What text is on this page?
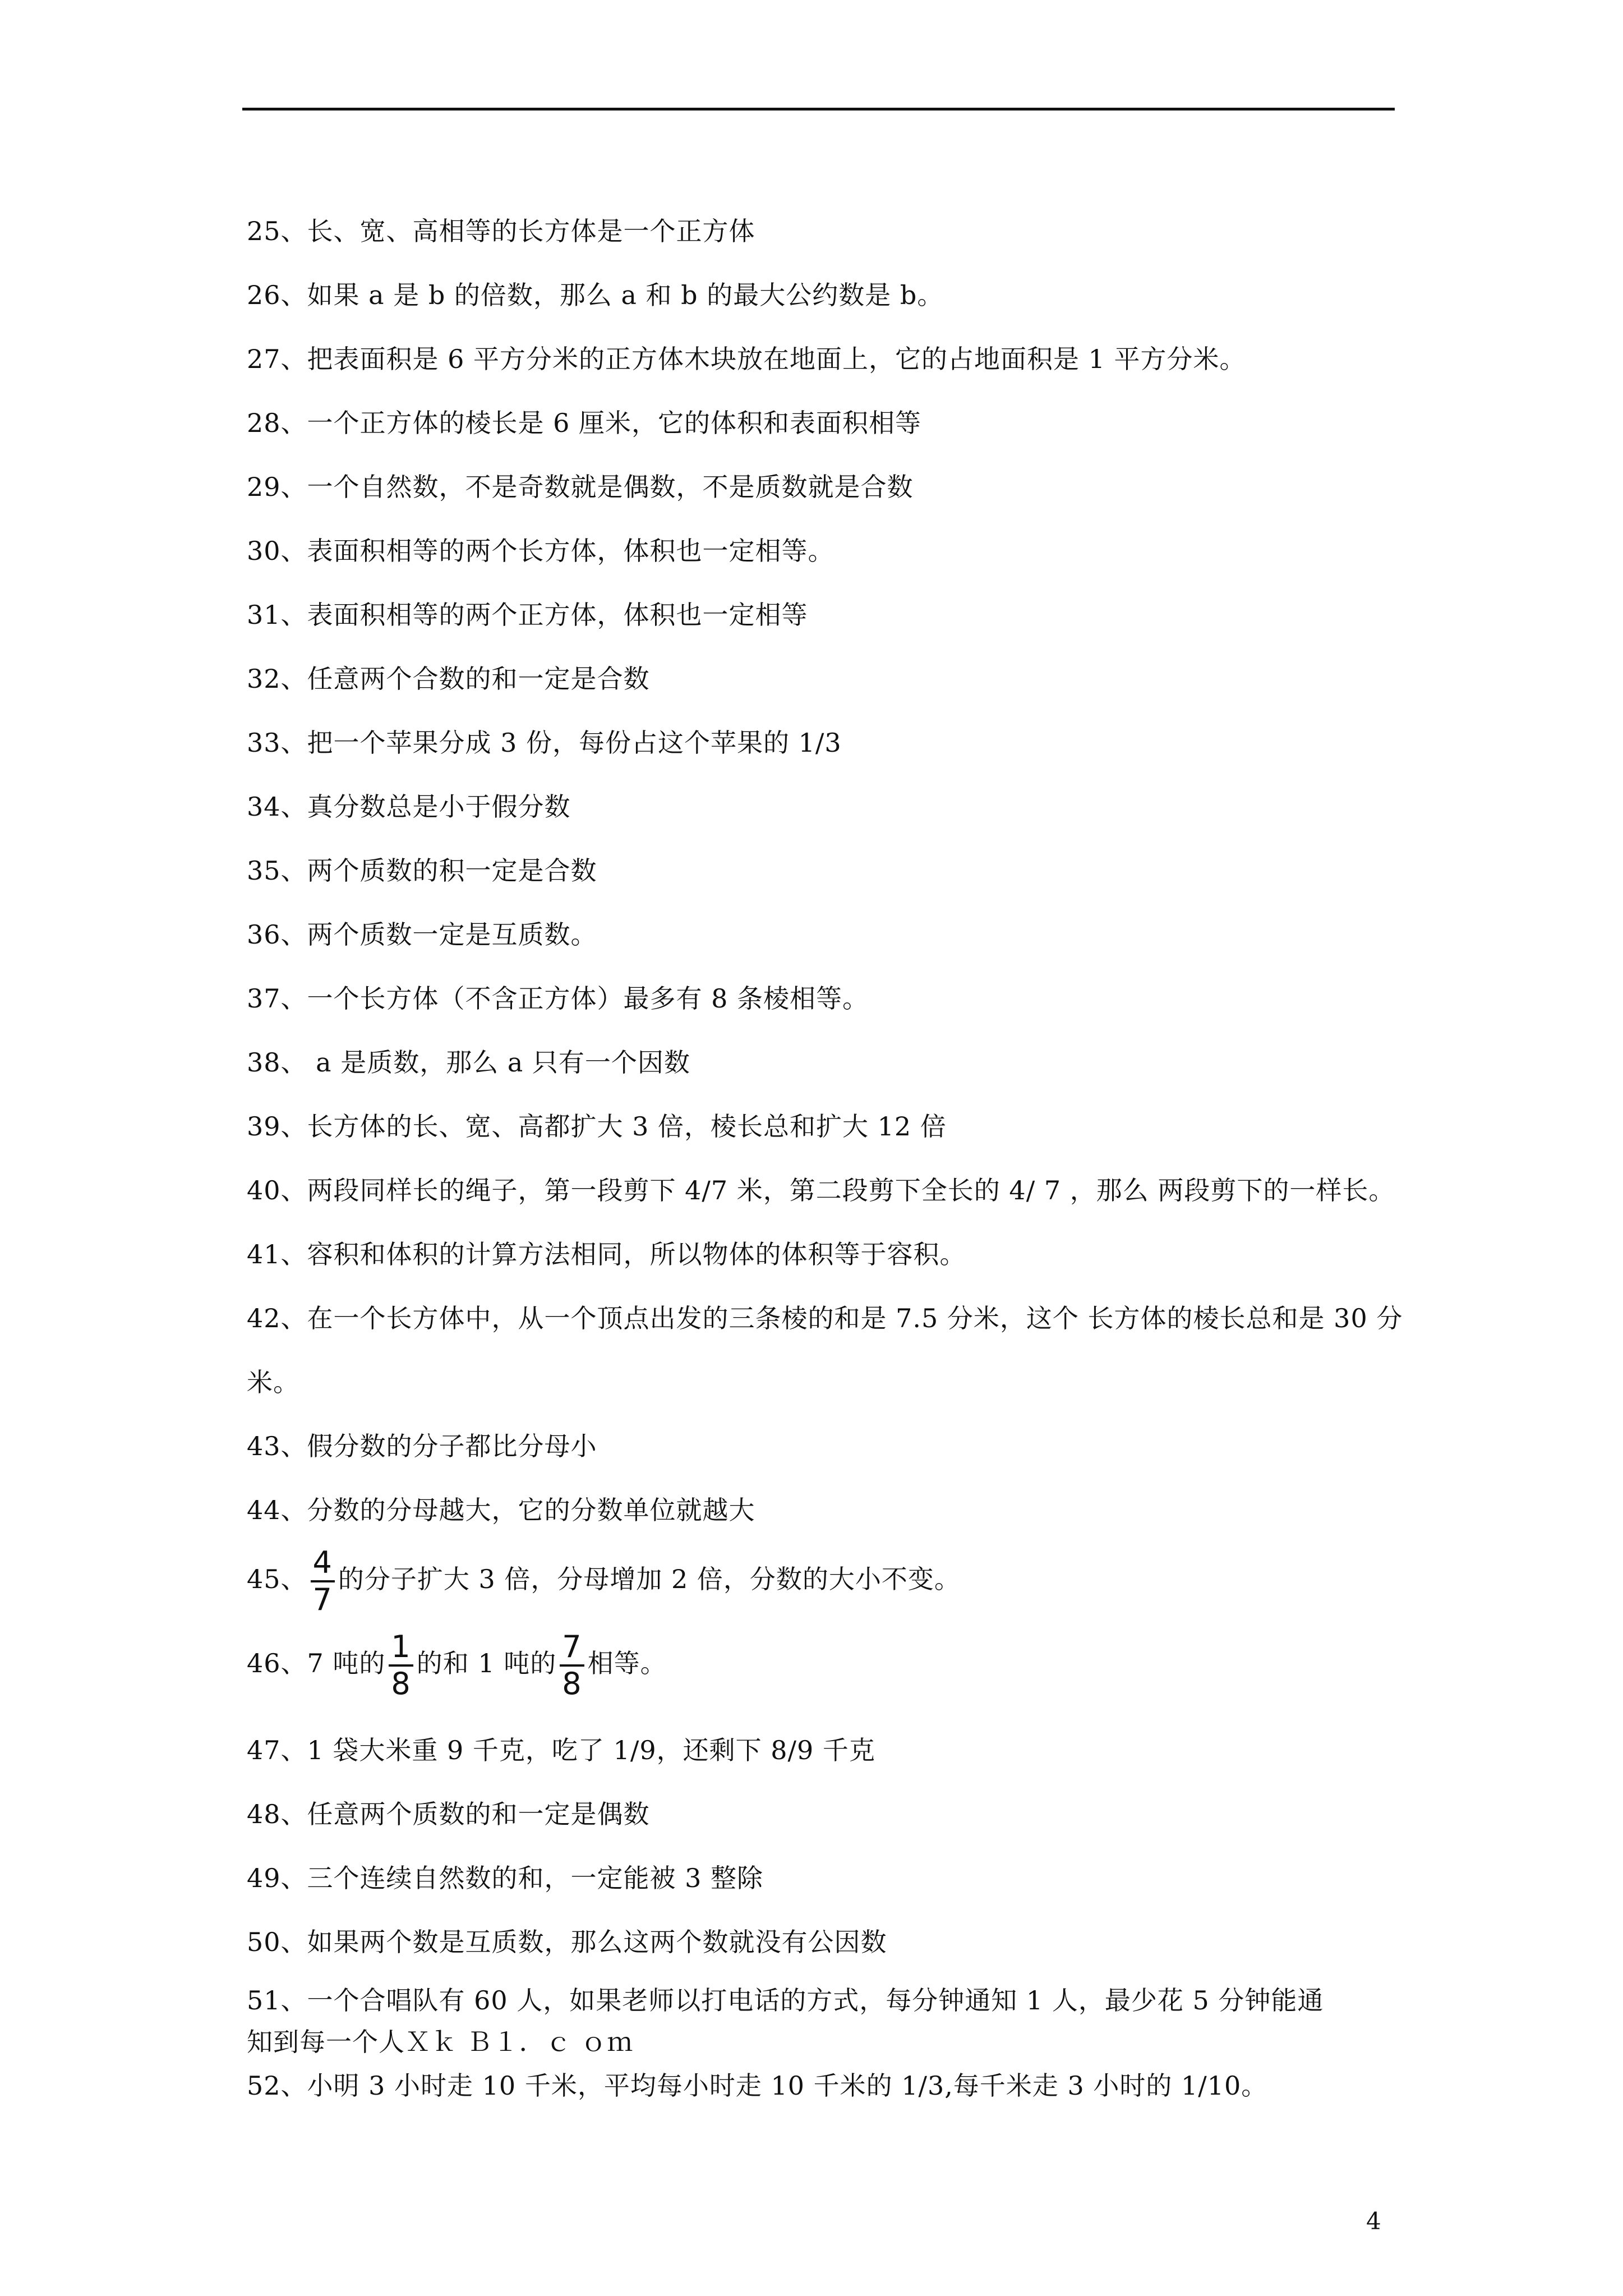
25、长、宽、高相等的长方体是一个正方体
26、如果 a 是 b 的倍数，那么 a 和 b 的最大公约数是 b。
27、把表面积是 6 平方分米的正方体木块放在地面上，它的占地面积是 1 平方分米。
28、一个正方体的棱长是 6 厘米，它的体积和表面积相等
29、一个自然数，不是奇数就是偶数，不是质数就是合数
30、表面积相等的两个长方体，体积也一定相等。
31、表面积相等的两个正方体，体积也一定相等
32、任意两个合数的和一定是合数
33、把一个苹果分成 3 份，每份占这个苹果的 1/3
34、真分数总是小于假分数
35、两个质数的积一定是合数
36、两个质数一定是互质数。
37、一个长方体（不含正方体）最多有 8 条棱相等。
38、 a 是质数，那么 a 只有一个因数
39、长方体的长、宽、高都扩大 3 倍，棱长总和扩大 12 倍
40、两段同样长的绳子，第一段剪下 4/7 米，第二段剪下全长的 4/ 7 ，那么 两段剪下的一样长。
41、容积和体积的计算方法相同，所以物体的体积等于容积。
42、在一个长方体中，从一个顶点出发的三条棱的和是 7.5 分米，这个 长方体的棱长总和是 30 分
米。
43、假分数的分子都比分母小
44、分数的分母越大，它的分数单位就越大
45、 $\frac{4}{7}$ 的分子扩大 3 倍，分母增加 2 倍，分数的大小不变。
46、7 吨的 $\frac{1}{8}$ 的和 1 吨的 $\frac{7}{8}$ 相等。
47、1 袋大米重 9 千克，吃了 1/9，还剩下 8/9 千克
48、任意两个质数的和一定是偶数
49、三个连续自然数的和，一定能被 3 整除
50、如果两个数是互质数，那么这两个数就没有公因数
51、一个合唱队有 60 人，如果老师以打电话的方式，每分钟通知 1 人，最少花 5 分钟能通
知到每一个人Ｘｋ Ｂ１．ｃ ｏｍ
52、小明 3 小时走 10 千米，平均每小时走 10 千米的 1/3,每千米走 3 小时的 1/10。
4
